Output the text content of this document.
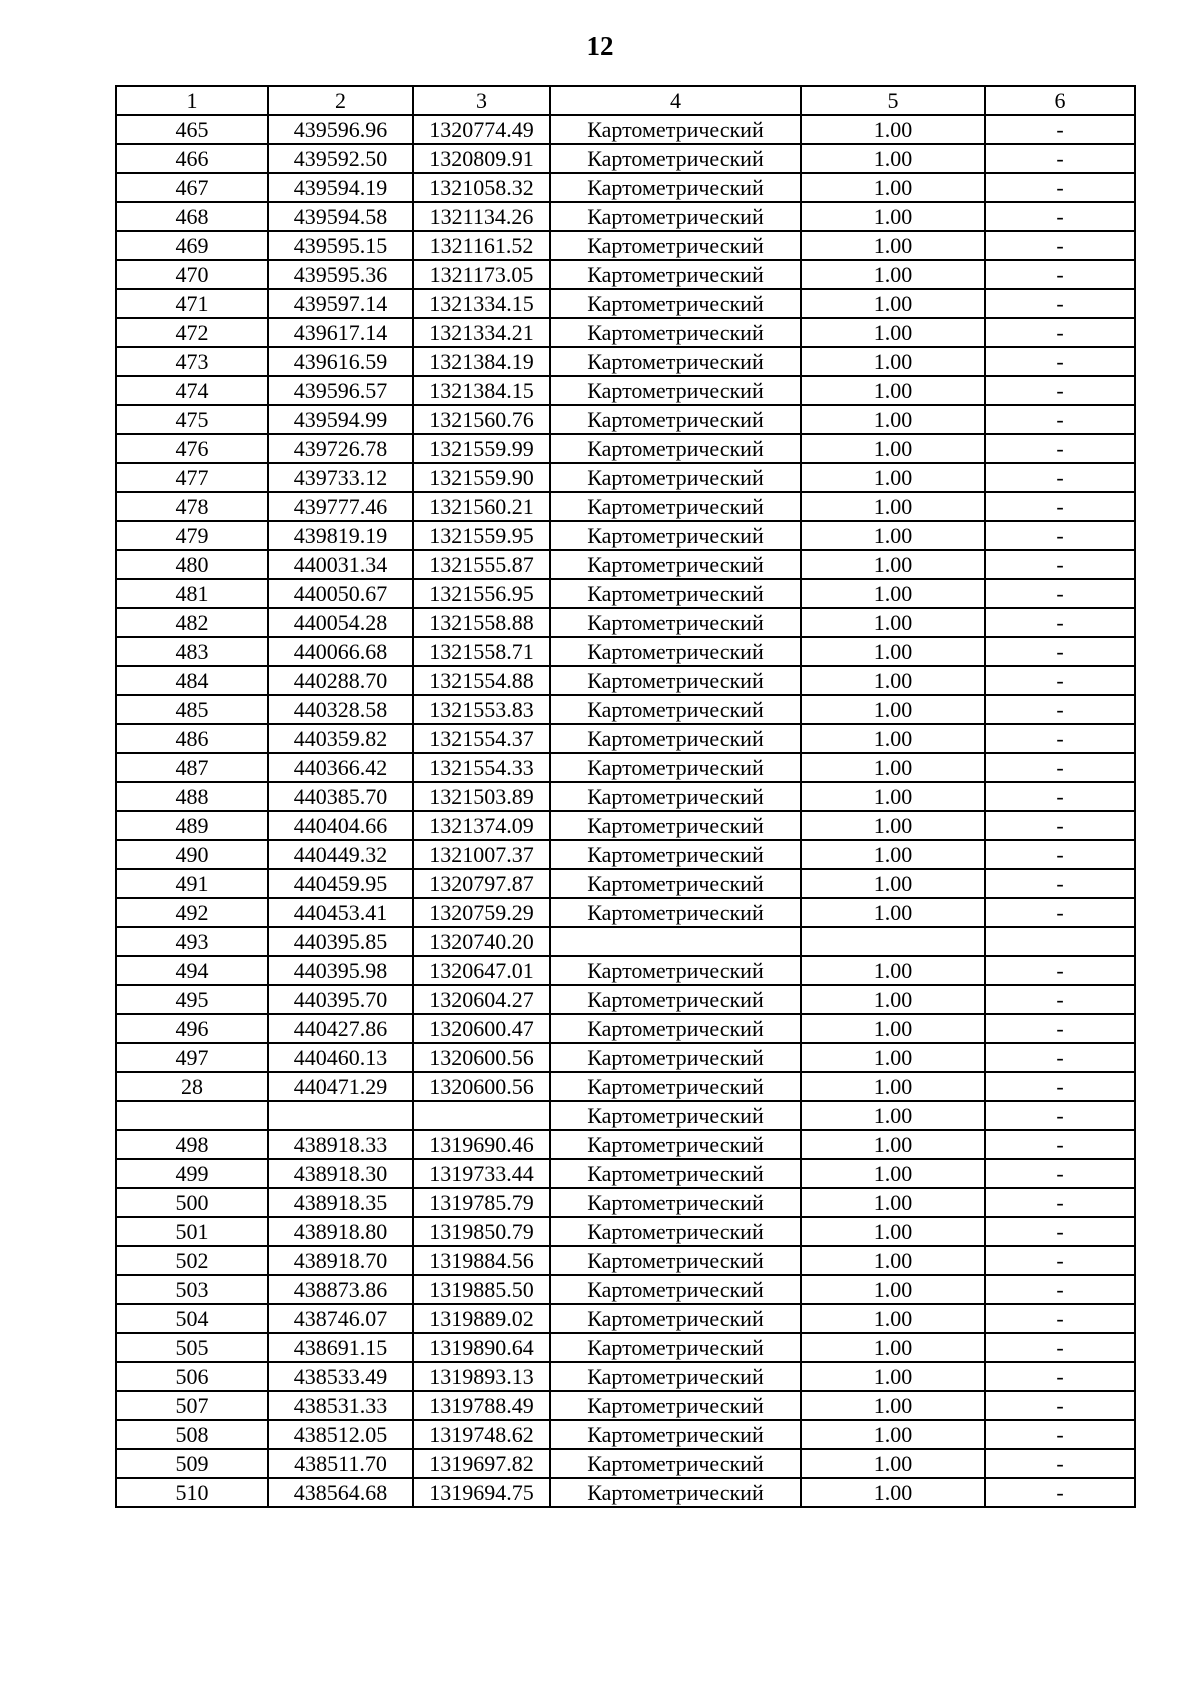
12
1	2	3	4	5	6
465	439596.96	1320774.49	Картометрический	1.00	-
466	439592.50	1320809.91	Картометрический	1.00	-
467	439594.19	1321058.32	Картометрический	1.00	-
468	439594.58	1321134.26	Картометрический	1.00	-
469	439595.15	1321161.52	Картометрический	1.00	-
470	439595.36	1321173.05	Картометрический	1.00	-
471	439597.14	1321334.15	Картометрический	1.00	-
472	439617.14	1321334.21	Картометрический	1.00	-
473	439616.59	1321384.19	Картометрический	1.00	-
474	439596.57	1321384.15	Картометрический	1.00	-
475	439594.99	1321560.76	Картометрический	1.00	-
476	439726.78	1321559.99	Картометрический	1.00	-
477	439733.12	1321559.90	Картометрический	1.00	-
478	439777.46	1321560.21	Картометрический	1.00	-
479	439819.19	1321559.95	Картометрический	1.00	-
480	440031.34	1321555.87	Картометрический	1.00	-
481	440050.67	1321556.95	Картометрический	1.00	-
482	440054.28	1321558.88	Картометрический	1.00	-
483	440066.68	1321558.71	Картометрический	1.00	-
484	440288.70	1321554.88	Картометрический	1.00	-
485	440328.58	1321553.83	Картометрический	1.00	-
486	440359.82	1321554.37	Картометрический	1.00	-
487	440366.42	1321554.33	Картометрический	1.00	-
488	440385.70	1321503.89	Картометрический	1.00	-
489	440404.66	1321374.09	Картометрический	1.00	-
490	440449.32	1321007.37	Картометрический	1.00	-
491	440459.95	1320797.87	Картометрический	1.00	-
492	440453.41	1320759.29	Картометрический	1.00	-
493	440395.85	1320740.20			
494	440395.98	1320647.01	Картометрический	1.00	-
495	440395.70	1320604.27	Картометрический	1.00	-
496	440427.86	1320600.47	Картометрический	1.00	-
497	440460.13	1320600.56	Картометрический	1.00	-
28	440471.29	1320600.56	Картометрический	1.00	-
			Картометрический	1.00	-
498	438918.33	1319690.46	Картометрический	1.00	-
499	438918.30	1319733.44	Картометрический	1.00	-
500	438918.35	1319785.79	Картометрический	1.00	-
501	438918.80	1319850.79	Картометрический	1.00	-
502	438918.70	1319884.56	Картометрический	1.00	-
503	438873.86	1319885.50	Картометрический	1.00	-
504	438746.07	1319889.02	Картометрический	1.00	-
505	438691.15	1319890.64	Картометрический	1.00	-
506	438533.49	1319893.13	Картометрический	1.00	-
507	438531.33	1319788.49	Картометрический	1.00	-
508	438512.05	1319748.62	Картометрический	1.00	-
509	438511.70	1319697.82	Картометрический	1.00	-
510	438564.68	1319694.75	Картометрический	1.00	-
